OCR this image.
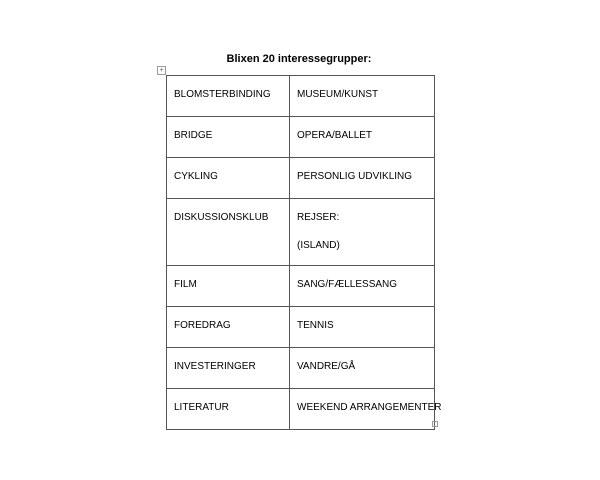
Blixen 20 interessegrupper:
+
BLOMSTERBINDING	MUSEUM/KUNST
BRIDGE	OPERA/BALLET
CYKLING	PERSONLIG UDVIKLING
DISKUSSIONSKLUB	REJSER:
(ISLAND)

FILM	SANG/FÆLLESSANG
FOREDRAG	TENNIS
INVESTERINGER	VANDRE/GÅ
LITERATUR	WEEKEND ARRANGEMENTER
